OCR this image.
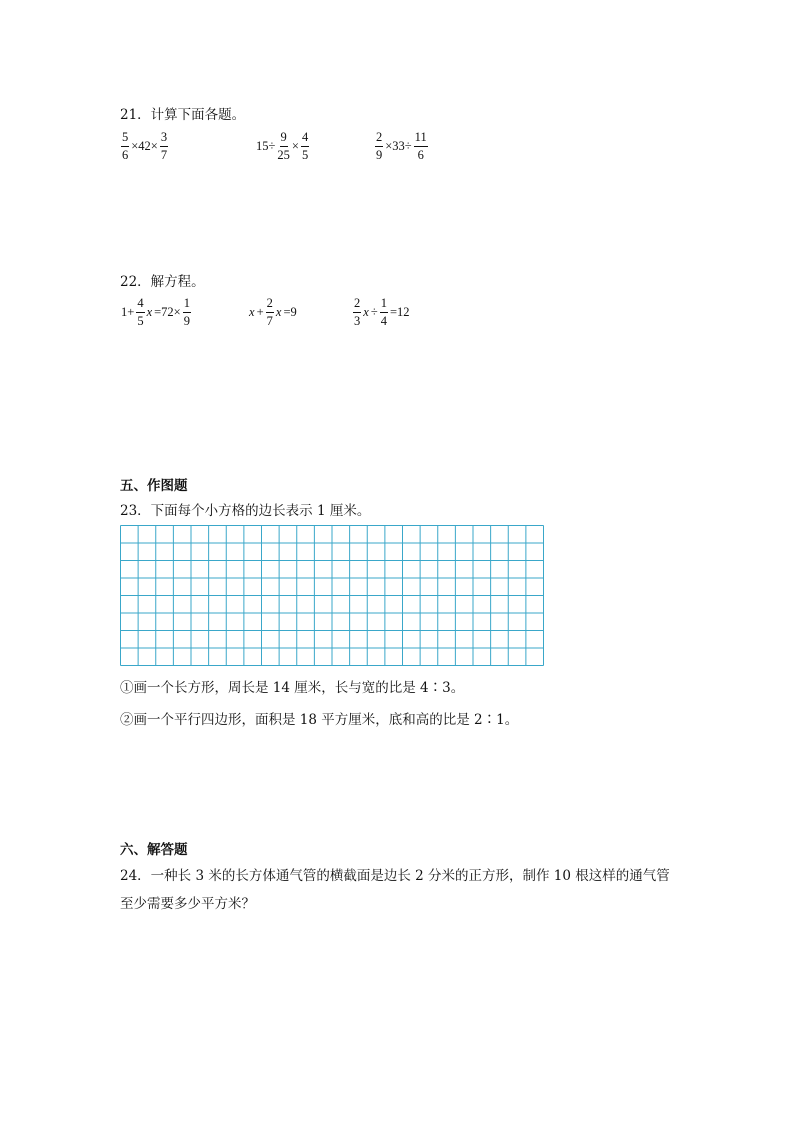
21．计算下面各题。
$\frac{5}{6} \times 42\times \frac{3}{7}$	$15\div \frac{9}{25} \times \frac{4}{5}$	$\frac{2}{9} \times 33\div \frac{11}{6}$
22．解方程。
$1+ \frac{4}{5}$ $x =72\times \frac{1}{9}$	$x + \frac{2}{7}$ x =9	$\frac{2}{3}$ $x \div \frac{1}{4} =12$
五、作图题
23．下面每个小方格的边长表示 1 厘米。
①画一个长方形，周长是 14 厘米，长与宽的比是 4∶3。
②画一个平行四边形，面积是 18 平方厘米，底和高的比是 2∶1。
六、解答题
24．一种长 3 米的长方体通气管的横截面是边长 2 分米的正方形，制作 10 根这样的通气管
至少需要多少平方米？
